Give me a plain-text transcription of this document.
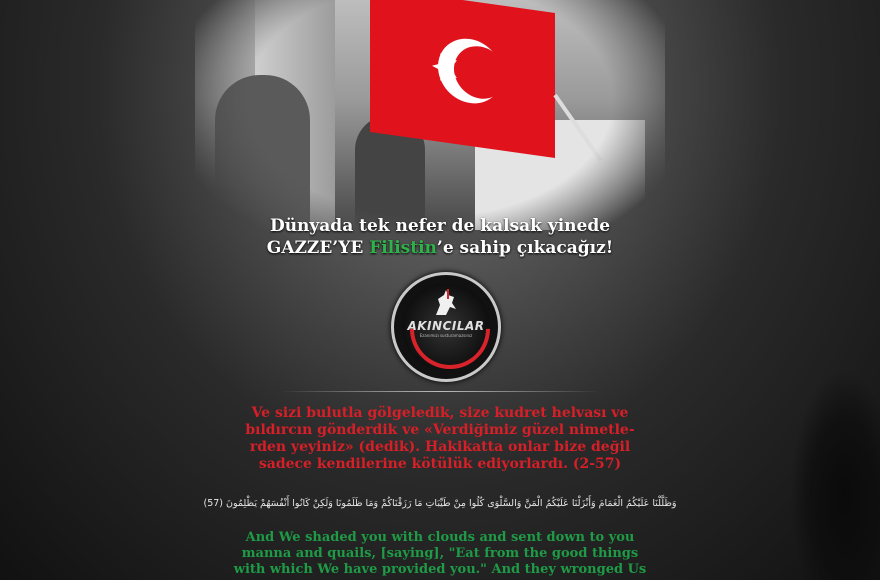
Dünyada tek nefer de kalsak yinede
GAZZE’YE Filistin’e sahip çıkacağız!
AKINCILAR
Ezanımızı susturamazsınız
Ve sizi bulutla gölgeledik, size kudret helvası ve
bıldırcın gönderdik ve «Verdiğimiz güzel nimetle-
rden yeyiniz» (dedik). Hakikatta onlar bize değil
sadece kendilerine kötülük ediyorlardı. (2-57)
وَظَلَّلْنَا عَلَيْكُمُ الْغَمَامَ وَأَنْزَلْنَا عَلَيْكُمُ الْمَنَّ وَالسَّلْوَى كُلُوا مِنْ طَيِّبَاتِ مَا رَزَقْنَاكُمْ وَمَا ظَلَمُونَا وَلَكِنْ كَانُوا أَنْفُسَهُمْ يَظْلِمُونَ (57)
And We shaded you with clouds and sent down to you
manna and quails, [saying], "Eat from the good things
with which We have provided you." And they wronged Us
